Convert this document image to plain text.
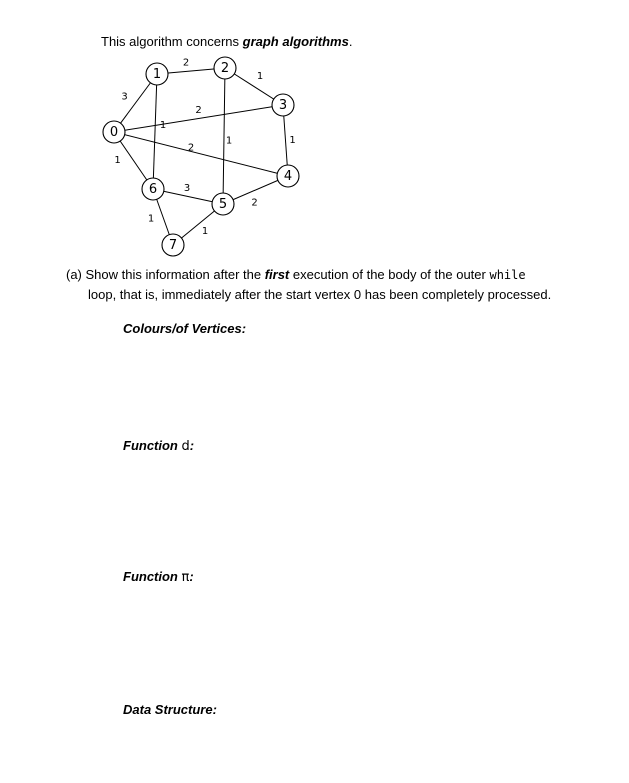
This algorithm concerns graph algorithms.
3
2
1
2
1
2
1	1
1
3
2
1
1
0
1	2
3
4
5
6
7
(a) Show this information after the first execution of the body of the outer while
loop, that is, immediately after the start vertex 0 has been completely processed.
Colours/of Vertices:
Function d:
Function π:
Data Structure:
